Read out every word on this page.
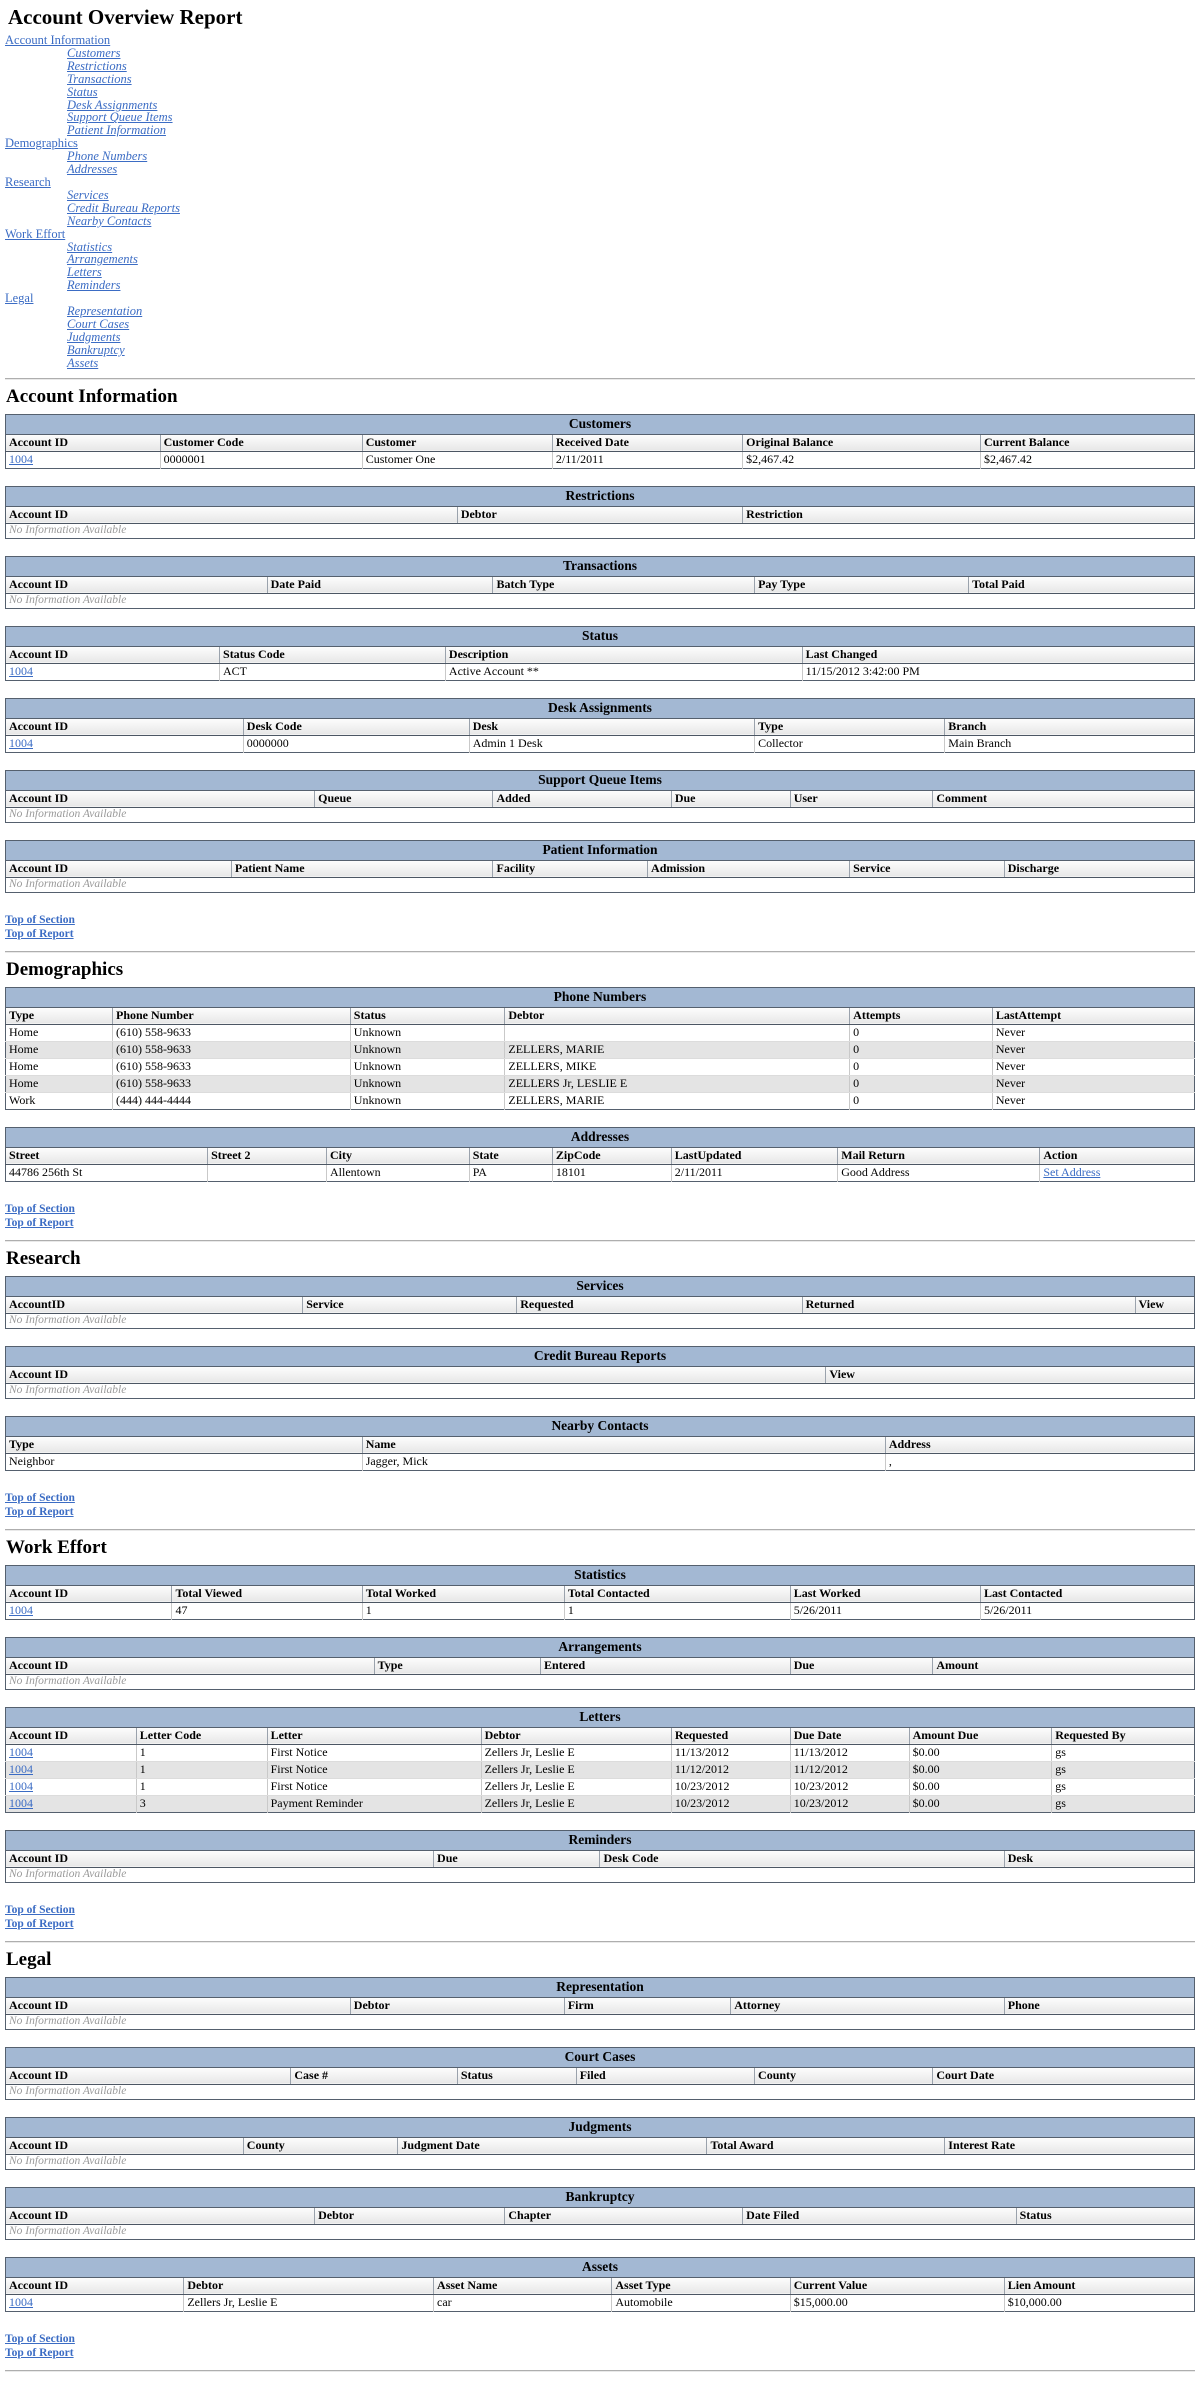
Account Overview Report
Account Information
Customers
Restrictions
Transactions
Status
Desk Assignments
Support Queue Items
Patient Information
Demographics
Phone Numbers
Addresses
Research
Services
Credit Bureau Reports
Nearby Contacts
Work Effort
Statistics
Arrangements
Letters
Reminders
Legal
Representation
Court Cases
Judgments
Bankruptcy
Assets
Account Information
Customers					
Account ID	Customer Code	Customer	Received Date	Original Balance	Current Balance
1004	0000001	Customer One	2/11/2011	$2,467.42	$2,467.42
Restrictions
Account ID	Debtor	Restriction
No Information Available
Transactions
Account ID	Date Paid	Batch Type	Pay Type	Total Paid
No Information Available
Status			
Account ID	Status Code	Description	Last Changed
1004	ACT	Active Account **	11/15/2012 3:42:00 PM
Desk Assignments				
Account ID	Desk Code	Desk	Type	Branch
1004	0000000	Admin 1 Desk	Collector	Main Branch
Support Queue Items
Account ID	Queue	Added	Due	User	Comment
No Information Available
Patient Information
Account ID	Patient Name	Facility	Admission	Service	Discharge
No Information Available
Top of Section
Top of Report
Demographics
Phone Numbers					
Type	Phone Number	Status	Debtor	Attempts	LastAttempt
Home	(610) 558-9633	Unknown		0	Never
Home	(610) 558-9633	Unknown	ZELLERS, MARIE	0	Never
Home	(610) 558-9633	Unknown	ZELLERS, MIKE	0	Never
Home	(610) 558-9633	Unknown	ZELLERS Jr, LESLIE E	0	Never
Work	(444) 444-4444	Unknown	ZELLERS, MARIE	0	Never
Addresses							
Street	Street 2	City	State	ZipCode	LastUpdated	Mail Return	Action
44786 256th St		Allentown	PA	18101	2/11/2011	Good Address	Set Address
Top of Section
Top of Report
Research
Services
AccountID	Service	Requested	Returned	View
No Information Available
Credit Bureau Reports
Account ID	View
No Information Available
Nearby Contacts		
Type	Name	Address
Neighbor	Jagger, Mick	,
Top of Section
Top of Report
Work Effort
Statistics					
Account ID	Total Viewed	Total Worked	Total Contacted	Last Worked	Last Contacted
1004	47	1	1	5/26/2011	5/26/2011
Arrangements
Account ID	Type	Entered	Due	Amount
No Information Available
Letters							
Account ID	Letter Code	Letter	Debtor	Requested	Due Date	Amount Due	Requested By
1004	1	First Notice	Zellers Jr, Leslie E	11/13/2012	11/13/2012	$0.00	gs
1004	1	First Notice	Zellers Jr, Leslie E	11/12/2012	11/12/2012	$0.00	gs
1004	1	First Notice	Zellers Jr, Leslie E	10/23/2012	10/23/2012	$0.00	gs
1004	3	Payment Reminder	Zellers Jr, Leslie E	10/23/2012	10/23/2012	$0.00	gs
Reminders
Account ID	Due	Desk Code	Desk
No Information Available
Top of Section
Top of Report
Legal
Representation
Account ID	Debtor	Firm	Attorney	Phone
No Information Available
Court Cases
Account ID	Case #	Status	Filed	County	Court Date
No Information Available
Judgments
Account ID	County	Judgment Date	Total Award	Interest Rate
No Information Available
Bankruptcy
Account ID	Debtor	Chapter	Date Filed	Status
No Information Available
Assets					
Account ID	Debtor	Asset Name	Asset Type	Current Value	Lien Amount
1004	Zellers Jr, Leslie E	car	Automobile	$15,000.00	$10,000.00
Top of Section
Top of Report
